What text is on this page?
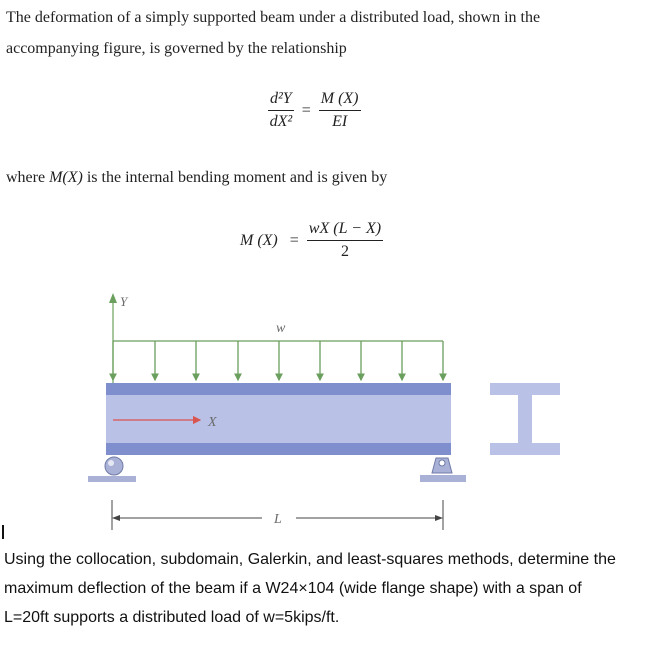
The deformation of a simply supported beam under a distributed load, shown in the
accompanying figure, is governed by the relationship
$\frac{\text{d²Y}}{\text{dX²}} = \frac{M (X)}{EI}$
where M(X) is the internal bending moment and is given by
M $(X) = \frac{wX (L - X)}{2}$
Y
w
X
L
Using the collocation, subdomain, Galerkin, and least-squares methods, determine the
maximum deflection of the beam if a W24×104 (wide flange shape) with a span of
L=20ft supports a distributed load of w=5kips/ft.
